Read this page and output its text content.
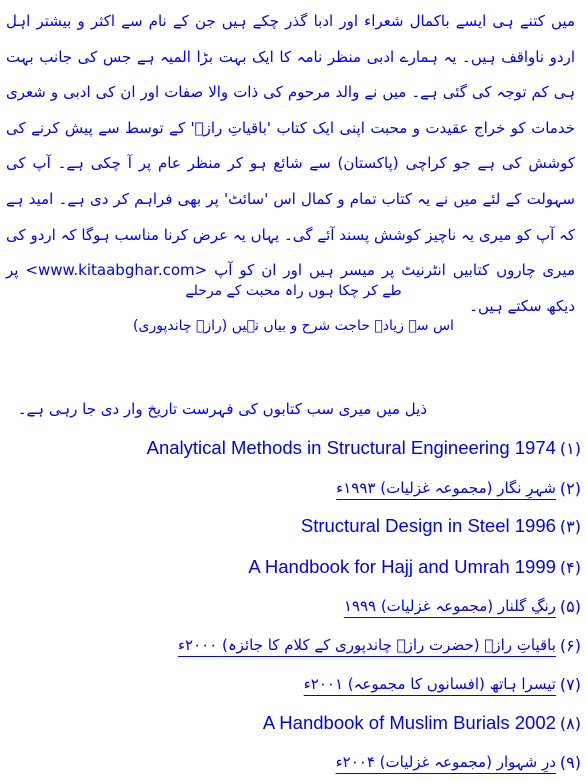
میں کتنے ہی ایسے باکمال شعراء اور ادبا گذر چکے ہیں جن کے نام سے اکثر و بیشتر اہل اردو ناواقف ہیں۔ یہ ہمارے ادبی منظر نامہ کا ایک بہت بڑا المیہ ہے جس کی جانب بہت ہی کم توجہ کی گئی ہے۔ میں نے والد مرحوم کی ذات والا صفات اور ان کی ادبی و شعری خدمات کو خراج عقیدت و محبت اپنی ایک کتاب 'باقیاتِ رازؔ' کے توسط سے پیش کرنے کی کوشش کی ہے جو کراچی (پاکستان) سے شائع ہو کر منظر عام پر آ چکی ہے۔ آپ کی سہولت کے لئے میں نے یہ کتاب تمام و کمال اس 'سائٹ' پر بھی فراہم کر دی ہے۔ امید ہے کہ آپ کو میری یہ ناچیز کوشش پسند آئے گی۔ یہاں یہ عرض کرنا مناسب ہوگا کہ اردو کی میری چاروں کتابیں انٹرنیٹ پر میسر ہیں اور ان کو آپ <www.kitaabghar.com> پر دیکھ سکتے ہیں۔
طے کر چکا ہوں راہ محبت کے مرحلے
اس سے زیادہ حاجت شرح و بیاں نہیں (رازؔ چاندپوری)
ذیل میں میری سب کتابوں کی فہرست تاریخ وار دی جا رہی ہے۔
(۱)
Analytical Methods in Structural Engineering 1974
(۲)
شہرِ نگار (مجموعہ غزلیات) ۱۹۹۳ء
(۳)
Structural Design in Steel 1996
(۴)
A Handbook for Hajj and Umrah 1999
(۵)
رنگِ گلنار (مجموعہ غزلیات) ۱۹۹۹
(۶)
باقیاتِ رازؔ (حضرت رازؔ چاندپوری کے کلام کا جائزہ) ۲۰۰۰ء
(۷)
تیسرا ہاتھ (افسانوں کا مجموعہ) ۲۰۰۱ء
(۸)
A Handbook of Muslim Burials 2002
(۹)
درِ شہوار (مجموعہ غزلیات) ۲۰۰۴ء
